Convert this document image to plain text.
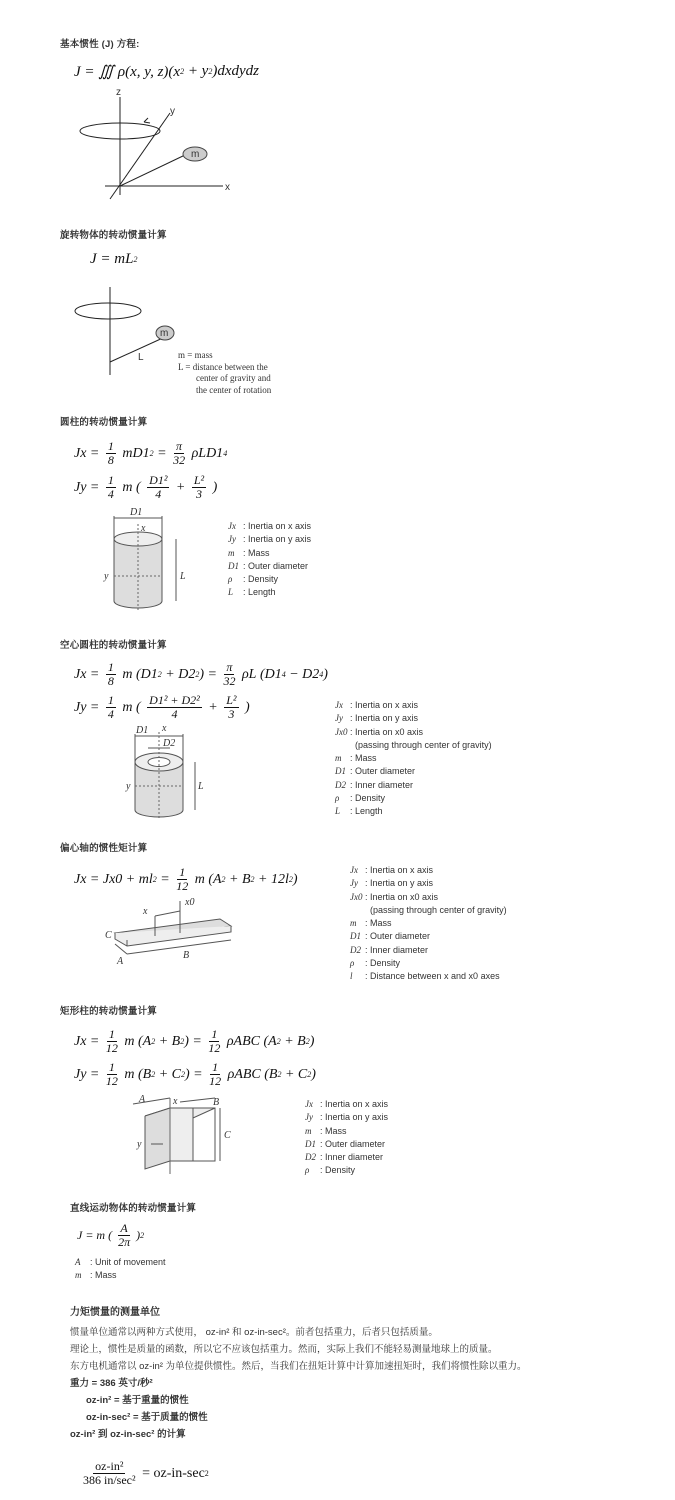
基本惯性 (J) 方程:
J = ∭ ρ(x, y, z)(x 2 + y 2 )dxdydz
m
z
y
x
旋转物体的转动惯量计算
J = mL 2
m
L	m = mass
L = distance between the
center of gravity and
the center of rotation
圆柱的转动惯量计算
$Jx = \frac{1}{8} mD1$ $2 = \frac{\pi}{32} \rho LD1$ 4
$Jy = \frac{1}{4}$ m ( $\frac{\text{D1²}}{4} + \frac{\text{L²}}{3}$ )
D1
x
y	L
Jx : Inertia on x axis
Jy : Inertia on y axis
m : Mass
D1 : Outer diameter
ρ : Density
L : Length
空心圆柱的转动惯量计算
$Jx = \frac{1}{8}$ m (D1 2 + D2 2 ) = $\frac{\pi}{32}$ ρL (D1 4 − D2 4 )
$Jy = \frac{1}{4}$ m ( $\frac{\text{D1² + D2²}}{4} + \frac{\text{L²}}{3}$ )
D1
D2
x
y	L
Jx : Inertia on x axis
Jy : Inertia on y axis
Jx0 : Inertia on x0 axis
(passing through center of gravity)
m : Mass
D1 : Outer diameter
D2 : Inner diameter
ρ : Density
L : Length
偏心轴的惯性矩计算
Jx = Jx0 + ml $2 = \frac{1}{12}$ m (A 2 + B 2 + 12l 2 )
x
x0
C
A
B
Jx : Inertia on x axis
Jy : Inertia on y axis
Jx0 : Inertia on x0 axis
(passing through center of gravity)
m : Mass
D1 : Outer diameter
D2 : Inner diameter
ρ : Density
l : Distance between x and x0 axes
矩形柱的转动惯量计算
$Jx = \frac{1}{12}$ m (A 2 + B 2 ) = $\frac{1}{12}$ ρABC (A 2 + B 2 )
$Jy = \frac{1}{12}$ m (B 2 + C 2 ) = $\frac{1}{12}$ ρABC (B 2 + C 2 )
A	x	B
C
y
Jx : Inertia on x axis
Jy : Inertia on y axis
m : Mass
D1 : Outer diameter
D2 : Inner diameter
ρ : Density
直线运动物体的转动惯量计算
J = m ( $\frac{A}{2\pi}$ ) 2
A : Unit of movement
m : Mass
力矩惯量的测量单位
惯量单位通常以两种方式使用， oz-in² 和 oz-in-sec²。前者包括重力，后者只包括质量。
理论上，惯性是质量的函数，所以它不应该包括重力。然而，实际上我们不能轻易测量地球上的质量。
东方电机通常以 oz-in² 为单位提供惯性。然后，当我们在扭矩计算中计算加速扭矩时，我们将惯性除以重力。
重力 = 386 英寸/秒²
oz-in² = 基于重量的惯性
oz-in-sec² = 基于质量的惯性
oz-in² 到 oz-in-sec² 的计算
$\frac{\text{oz-in²}}{\text{386 in/sec²}} = oz-in-\sec$ 2
